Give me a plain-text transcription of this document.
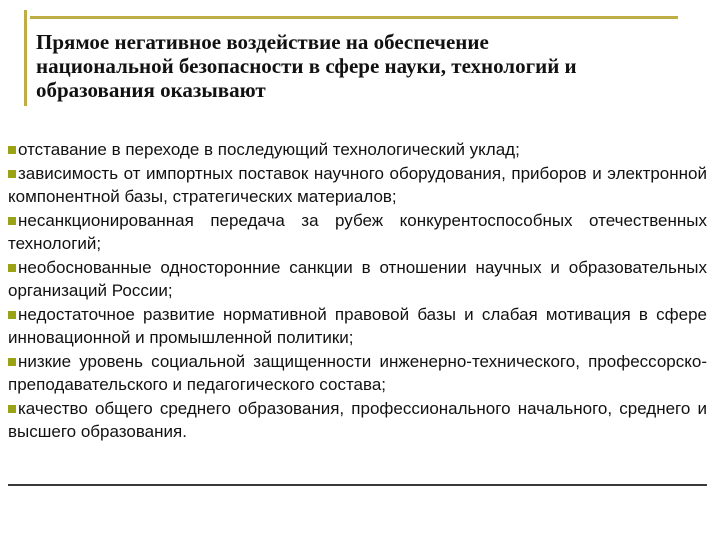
Прямое негативное воздействие на обеспечение
национальной безопасности в сфере науки, технологий и
образования оказывают

отставание в переходе в последующий технологический уклад;

зависимость от импортных поставок научного оборудования, приборов и электронной компонентной базы, стратегических материалов;

несанкционированная передача за рубеж конкурентоспособных отечественных технологий;

необоснованные односторонние санкции в отношении научных и образовательных организаций России;

недостаточное развитие нормативной правовой базы и слабая мотивация в сфере инновационной и промышленной политики;

низкие уровень социальной защищенности инженерно-технического, профессорско-преподавательского и педагогического состава;

качество общего среднего образования, профессионального начального, среднего и высшего образования.
